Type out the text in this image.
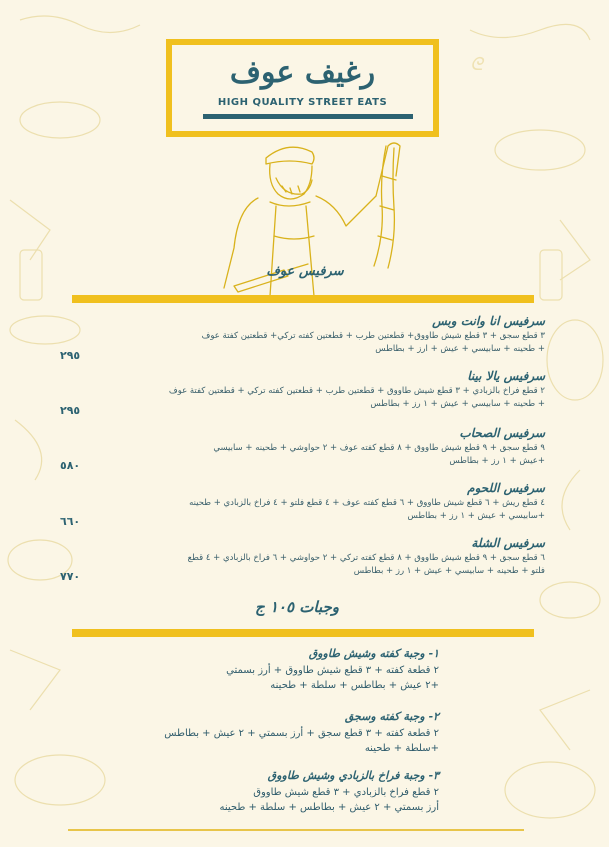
ᘓ
رغيف عوف
HIGH QUALITY STREET EATS
سرفيس عوف
سرفيس انا وانت وبس
٣ قطع سجق + ٣ قطع شيش طاووق+ قطعتين طرب + قطعتين كفته تركي+ قطعتين كفتة عوف
+ طحينه + سابيسي + عيش + ارز + بطاطس
٢٩٥
سرفيس يالا بينا
٢ قطع فراخ بالزبادي + ٣ قطع شيش طاووق + قطعتين طرب + قطعتين كفته تركي + قطعتين كفتة عوف
+ طحينه + سابيسي + عيش + ١ رز + بطاطس
٢٩٥
سرفيس الصحاب
٩ قطع سجق + ٩ قطع شيش طاووق + ٨ قطع كفته عوف + ٢ حواوشي + طحينه + سابيسي
+عيش + ١ رز + بطاطس
٥٨٠
سرفيس اللحوم
٤ قطع ريش + ٦ قطع شيش طاووق + ٦ قطع كفته عوف + ٤ قطع فلتو + ٤ فراخ بالزبادي + طحينه
+سابيسي + عيش + ١ رز + بطاطس
٦٦٠
سرفيس الشلة
٦ قطع سجق + ٩ قطع شيش طاووق + ٨ قطع كفته تركي + ٢ حواوشي + ٦ فراخ بالزبادي + ٤ قطع
فلتو + طحينه + سابيسي + عيش + ١ رز + بطاطس
٧٧٠
وجبات ١٠٥ ج
١- وجبة كفته وشيش طاووق
٢ قطعة كفته + ٣ قطع شيش طاووق + أرز بسمتي
+٢ عيش + بطاطس + سلطة + طحينه
٢- وجبة كفته وسجق
٢ قطعة كفته + ٣ قطع سجق + أرز بسمتي + ٢ عيش + بطاطس
+سلطة + طحينه
٣- وجبة فراخ بالزبادي وشيش طاووق
٢ قطع فراخ بالزبادي + ٣ قطع شيش طاووق
أرز بسمتي + ٢ عيش + بطاطس + سلطة + طحينه
